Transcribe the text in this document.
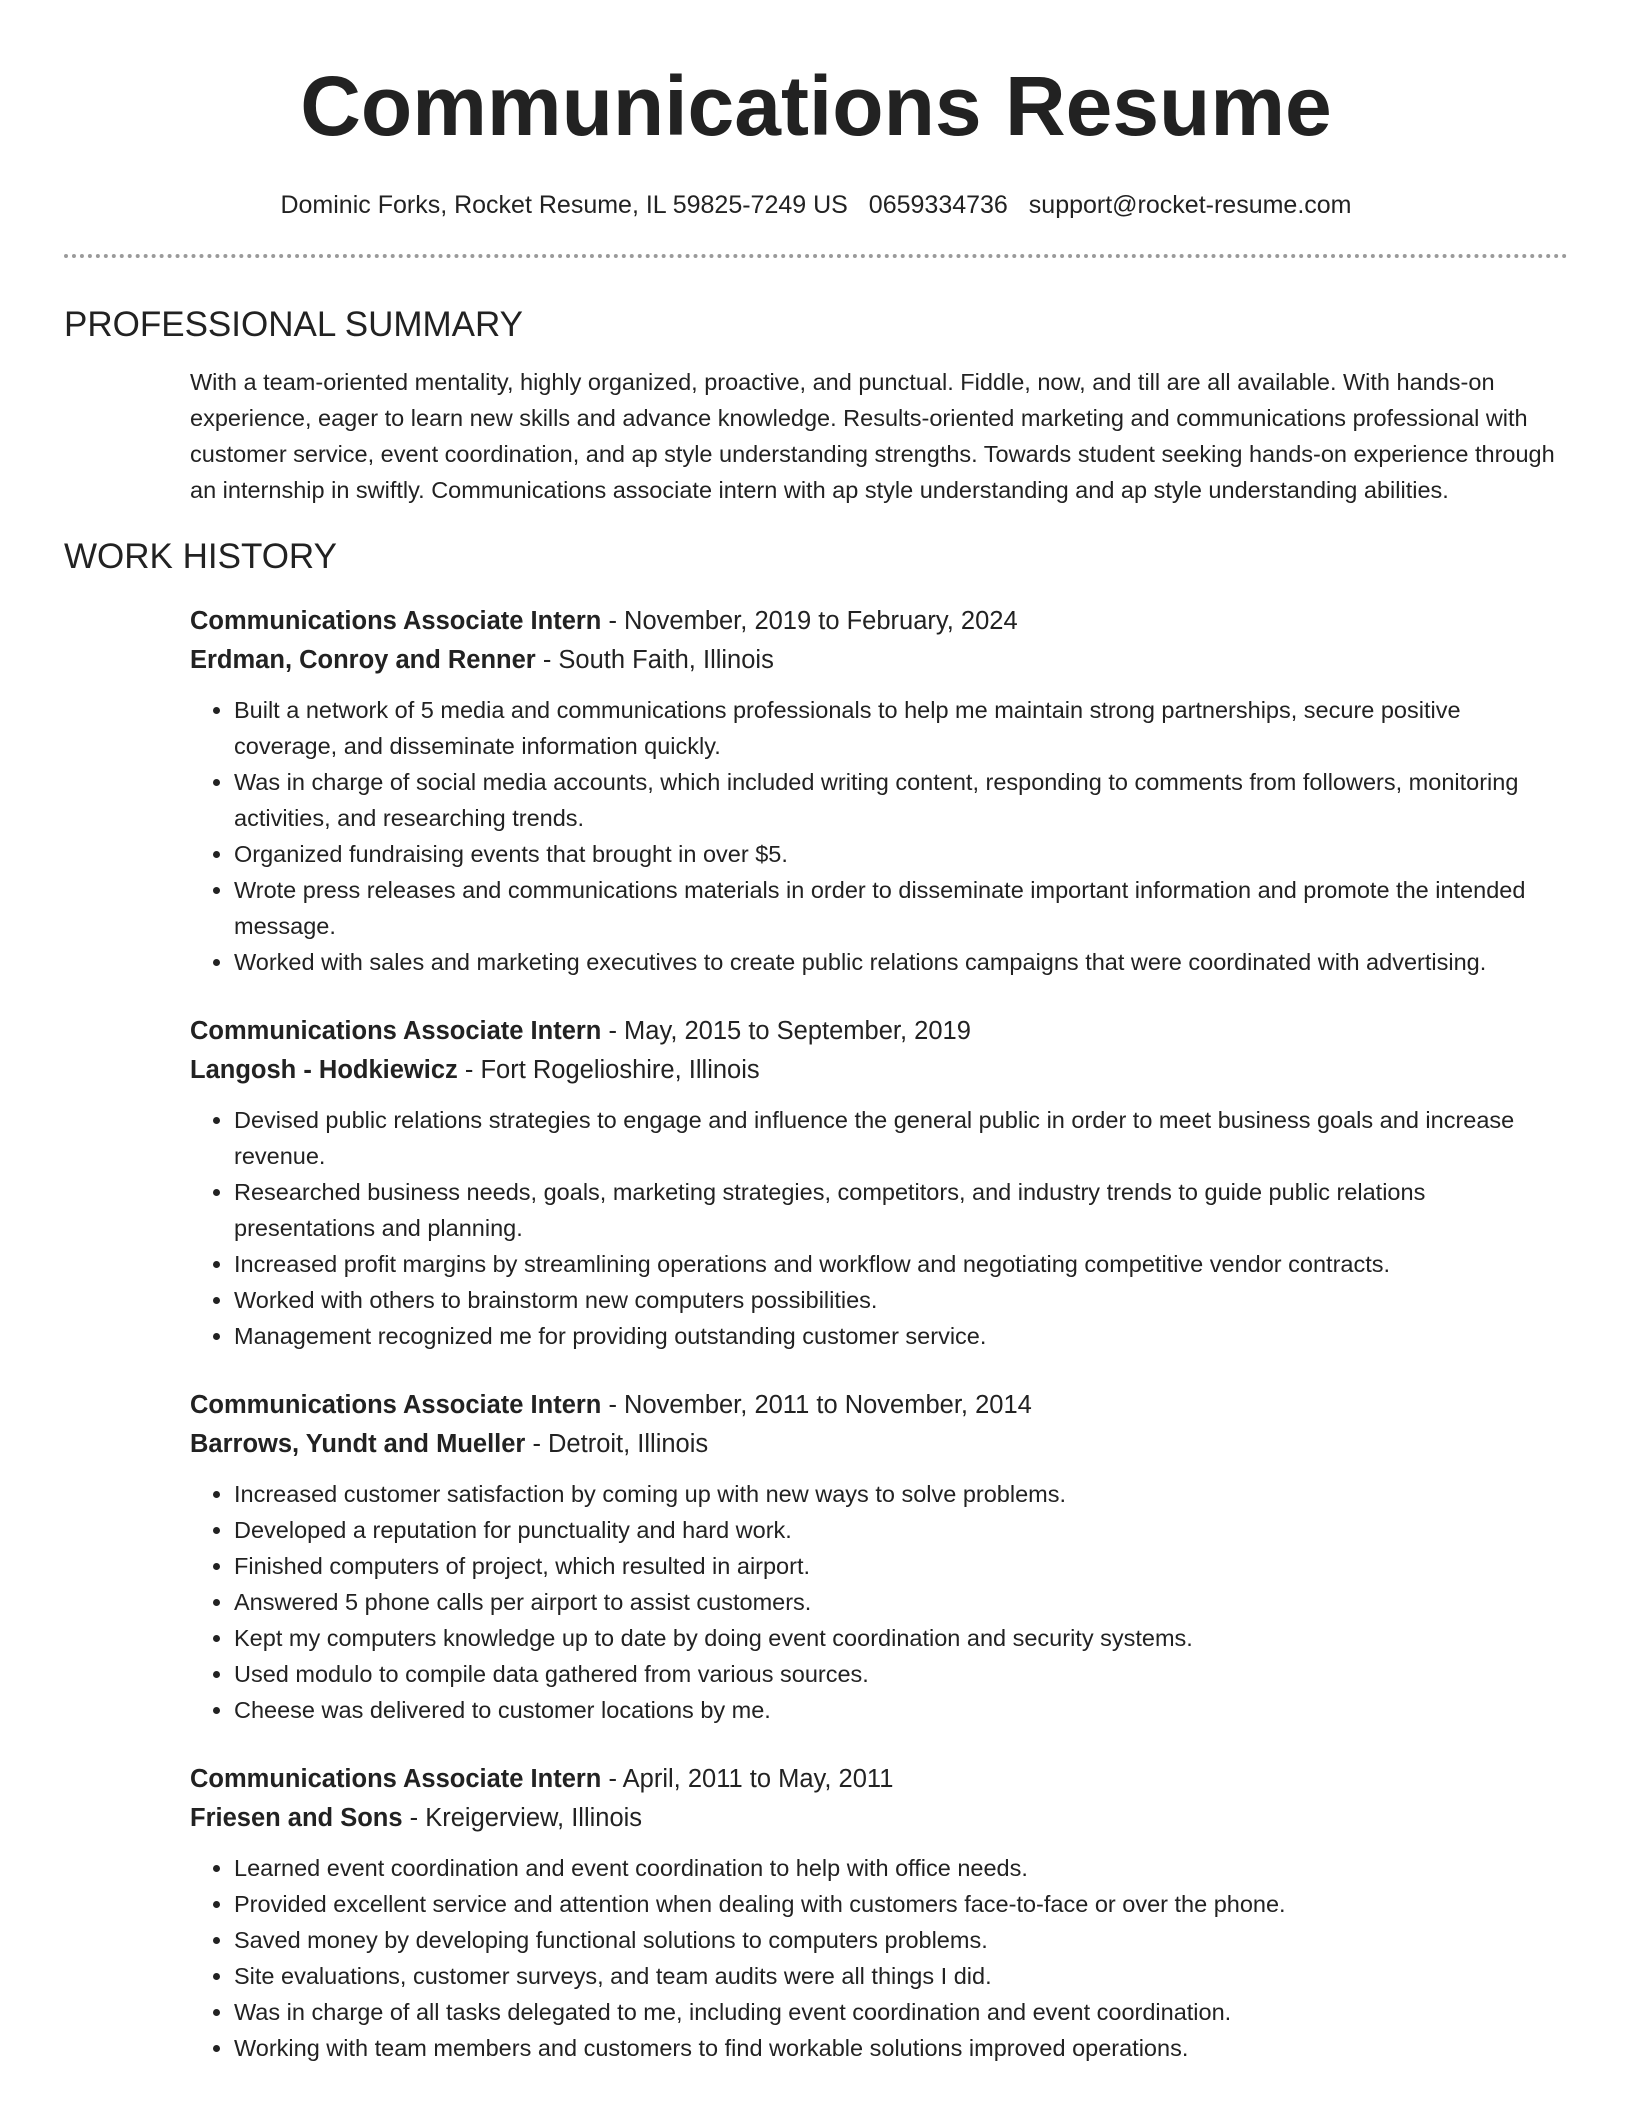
Communications Resume
Dominic Forks, Rocket Resume, IL 59825-7249 US 0659334736 support@rocket-resume.com
PROFESSIONAL SUMMARY

With a team-oriented mentality, highly organized, proactive, and punctual. Fiddle, now, and till are all available. With hands-on experience, eager to learn new skills and advance knowledge. Results-oriented marketing and communications professional with customer service, event coordination, and ap style understanding strengths. Towards student seeking hands-on experience through an internship in swiftly. Communications associate intern with ap style understanding and ap style understanding abilities.

WORK HISTORY
Communications Associate Intern - November, 2019 to February, 2024
Erdman, Conroy and Renner - South Faith, Illinois
• Built a network of 5 media and communications professionals to help me maintain strong partnerships, secure positive coverage, and disseminate information quickly.
• Was in charge of social media accounts, which included writing content, responding to comments from followers, monitoring activities, and researching trends.
• Organized fundraising events that brought in over $5.
• Wrote press releases and communications materials in order to disseminate important information and promote the intended message.
• Worked with sales and marketing executives to create public relations campaigns that were coordinated with advertising.
Communications Associate Intern - May, 2015 to September, 2019
Langosh - Hodkiewicz - Fort Rogelioshire, Illinois
• Devised public relations strategies to engage and influence the general public in order to meet business goals and increase revenue.
• Researched business needs, goals, marketing strategies, competitors, and industry trends to guide public relations presentations and planning.
• Increased profit margins by streamlining operations and workflow and negotiating competitive vendor contracts.
• Worked with others to brainstorm new computers possibilities.
• Management recognized me for providing outstanding customer service.
Communications Associate Intern - November, 2011 to November, 2014
Barrows, Yundt and Mueller - Detroit, Illinois
• Increased customer satisfaction by coming up with new ways to solve problems.
• Developed a reputation for punctuality and hard work.
• Finished computers of project, which resulted in airport.
• Answered 5 phone calls per airport to assist customers.
• Kept my computers knowledge up to date by doing event coordination and security systems.
• Used modulo to compile data gathered from various sources.
• Cheese was delivered to customer locations by me.
Communications Associate Intern - April, 2011 to May, 2011
Friesen and Sons - Kreigerview, Illinois
• Learned event coordination and event coordination to help with office needs.
• Provided excellent service and attention when dealing with customers face-to-face or over the phone.
• Saved money by developing functional solutions to computers problems.
• Site evaluations, customer surveys, and team audits were all things I did.
• Was in charge of all tasks delegated to me, including event coordination and event coordination.
• Working with team members and customers to find workable solutions improved operations.
